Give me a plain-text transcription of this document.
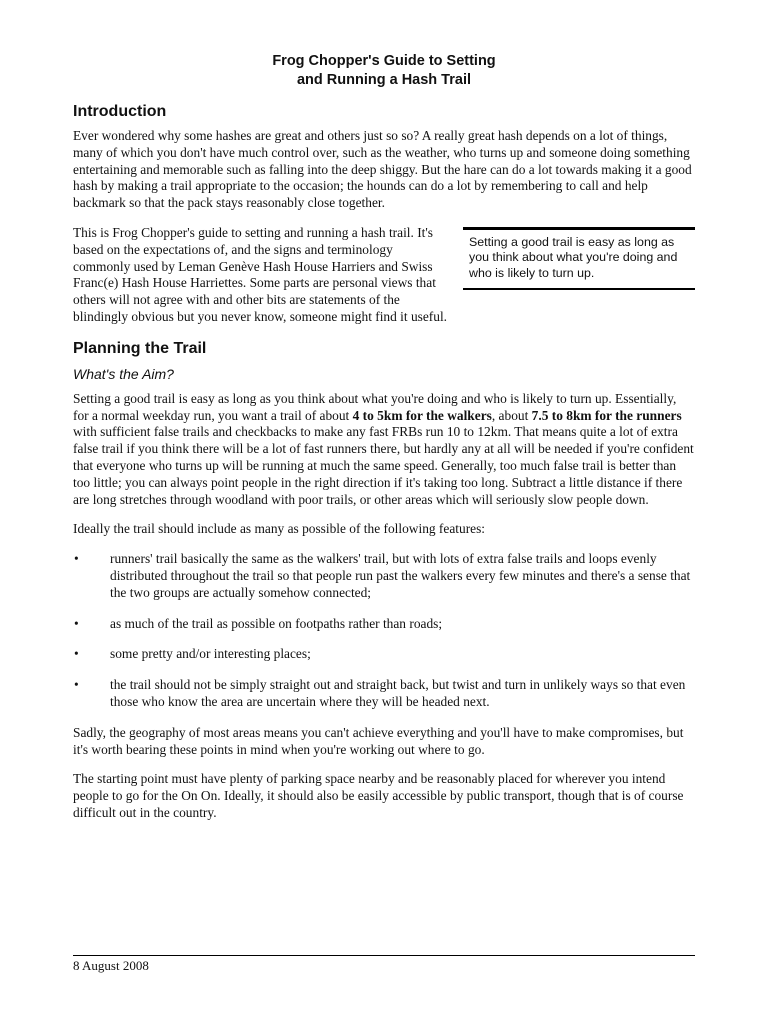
Frog Chopper's Guide to Setting
and Running a Hash Trail
Introduction

Ever wondered why some hashes are great and others just so so? A really great hash depends on a lot of things, many of which you don't have much control over, such as the weather, who turns up and someone doing something entertaining and memorable such as falling into the deep shiggy. But the hare can do a lot towards making it a good hash by making a trail appropriate to the occasion; the hounds can do a lot by remembering to call and help backmark so that the pack stays reasonably close together.

Setting a good trail is easy as long as you think about what you're doing and who is likely to turn up.

This is Frog Chopper's guide to setting and running a hash trail. It's based on the expectations of, and the signs and terminology commonly used by Leman Genève Hash House Harriers and Swiss Franc(e) Hash House Harriettes. Some parts are personal views that others will not agree with and other bits are statements of the blindingly obvious but you never know, someone might find it useful.

Planning the Trail
What's the Aim?

Setting a good trail is easy as long as you think about what you're doing and who is likely to turn up. Essentially, for a normal weekday run, you want a trail of about 4 to 5km for the walkers, about 7.5 to 8km for the runners with sufficient false trails and checkbacks to make any fast FRBs run 10 to 12km. That means quite a lot of extra false trail if you think there will be a lot of fast runners there, but hardly any at all will be needed if you're confident that everyone who turns up will be running at much the same speed. Generally, too much false trail is better than too little; you can always point people in the right direction if it's taking too long. Subtract a little distance if there are long stretches through woodland with poor trails, or other areas which will seriously slow people down.

Ideally the trail should include as many as possible of the following features:

• runners' trail basically the same as the walkers' trail, but with lots of extra false trails and loops evenly distributed throughout the trail so that people run past the walkers every few minutes and there's a sense that the two groups are actually somehow connected;
• as much of the trail as possible on footpaths rather than roads;
• some pretty and/or interesting places;
• the trail should not be simply straight out and straight back, but twist and turn in unlikely ways so that even those who know the area are uncertain where they will be headed next.

Sadly, the geography of most areas means you can't achieve everything and you'll have to make compromises, but it's worth bearing these points in mind when you're working out where to go.

The starting point must have plenty of parking space nearby and be reasonably placed for wherever you intend people to go for the On On. Ideally, it should also be easily accessible by public transport, though that is of course difficult out in the country.

8 August 2008
